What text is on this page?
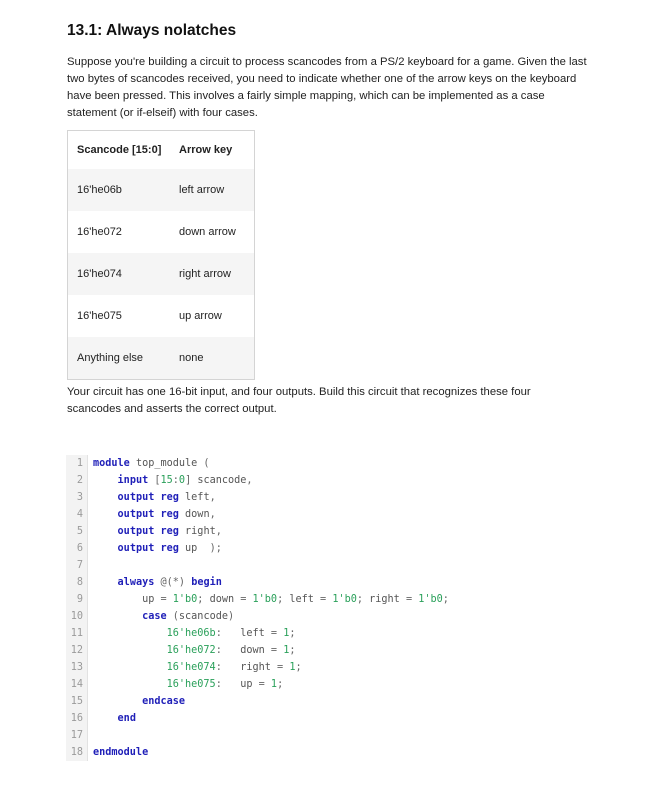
13.1: Always nolatches
Suppose you're building a circuit to process scancodes from a PS/2 keyboard for a game. Given the last two bytes of scancodes received, you need to indicate whether one of the arrow keys on the keyboard have been pressed. This involves a fairly simple mapping, which can be implemented as a case statement (or if-elseif) with four cases.
Scancode [15:0]	Arrow key
16'he06b	left arrow
16'he072	down arrow
16'he074	right arrow
16'he075	up arrow
Anything else	none
Your circuit has one 16-bit input, and four outputs. Build this circuit that recognizes these four scancodes and asserts the correct output.
1 module top_module (
2	input [15:0] scancode,
3	output reg left,
4	output reg down,
5	output reg right,
6	output reg up  );
7
8	always @(*) begin
9 up = 1'b0; down = 1'b0; left = 1'b0; right = 1'b0;
10	case (scancode)
11	16'he06b:   left = 1;
12	16'he072:   down = 1;
13	16'he074:   right = 1;
14	16'he075:   up = 1;
15	endcase
16	end
17
18 endmodule
